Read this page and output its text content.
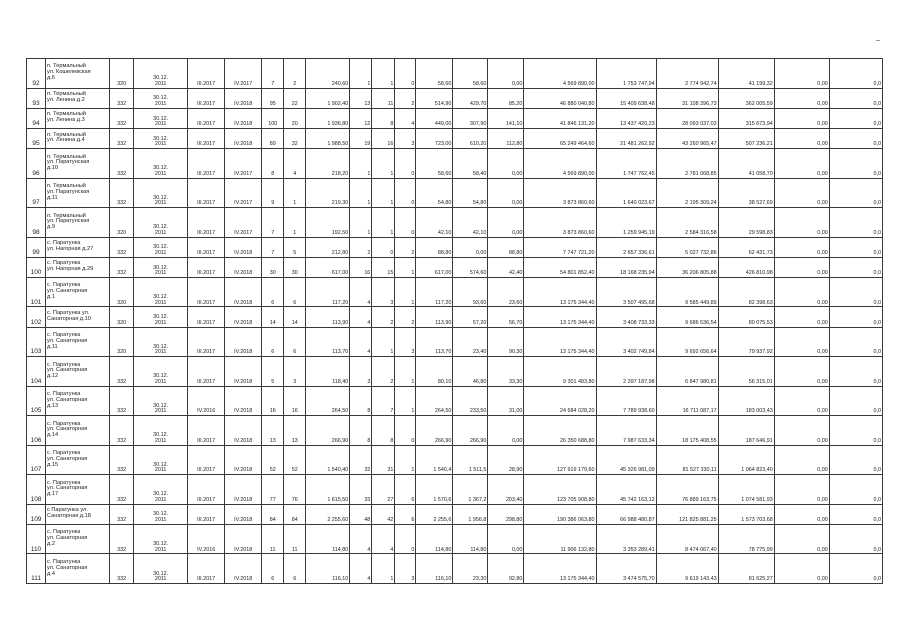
92	п. Термальный
ул. Кошелевская
д.6	320	30.12.
2011	III.2017	IV.2017	7	2	240,60	1	1	0	58,60	58,60	0,00	4 569 890,00	1 753 747,94	2 774 942,74	41 199,32	0,00	0,0
93	п. Термальный
ул. Ленина д.2	332	30.12.
2011	III.2017	IV.2018	95	22	1 902,40	13	11	2	514,90	429,70	85,20	46 880 040,80	15 409 638,48	31 108 396,73	362 005,59	0,00	0,0
94	п. Термальный
ул. Ленина д.3	332	30.12.
2011	III.2017	IV.2018	100	20	1 936,80	12	8	4	449,00	307,90	141,10	41 846 131,20	13 437 420,23	28 093 037,03	315 673,94	0,00	0,0
95	п. Термальный
ул. Ленина д.4	332	30.12.
2011	III.2017	IV.2018	89	32	1 988,50	19	16	3	723,00	610,20	112,80	65 249 464,60	21 481 262,92	43 260 965,47	507 236,21	0,00	0,0
96	п. Термальный
ул. Паратунская
д.10	332	30.12.
2011	III.2017	IV.2017	8	4	218,20	1	1	0	58,60	58,40	0,00	4 569 890,00	1 747 762,45	2 781 068,85	41 058,70	0,00	0,0
97	п. Термальный
ул. Паратунская
д.11	332	30.12.
2011	III.2017	IV.2017	9	1	219,30	1	1	0	54,80	54,80	0,00	3 873 860,60	1 640 023,67	2 195 309,24	38 527,69	0,00	0,0
98	п. Термальный
ул. Паратунская
д.9	320	30.12.
2011	III.2017	IV.2017	7	1	192,50	1	1	0	42,10	42,10	0,00	3 873 860,60	1 259 945,19	2 584 316,58	29 598,83	0,00	0,0
99	с. Паратунка
ул. Нагорная д.27	332	30.12.
2011	III.2017	IV.2018	7	5	212,80	2	0	2	88,80	0,00	88,80	7 747 721,20	2 657 336,61	5 027 732,86	62 431,73	0,00	0,0
100	с. Паратунка
ул. Нагорная д.29	332	30.12.
2011	III.2017	IV.2018	30	30	617,00	16	15	1	617,00	574,60	42,40	54 801 852,40	18 168 235,94	36 206 805,88	426 810,98	0,00	0,0
101	с. Паратунка
ул. Санаторная
д.1	320	30.12.
2011	III.2017	IV.2018	6	6	117,20	4	3	1	117,20	93,60	23,60	13 175 344,40	3 507 495,68	9 585 449,89	82 398,63	0,00	0,0
102	с. Паратунка ул.
Санаторная д.10	320	30.12.
2011	III.2017	IV.2018	14	14	113,90	4	2	2	113,90	57,20	56,70	13 175 344,40	3 408 733,33	9 686 536,54	80 075,53	0,00	0,0
103	с. Паратунка
ул. Санаторная
д.11	320	30.12.
2011	III.2017	IV.2018	6	6	113,70	4	1	3	113,70	23,40	90,30	13 175 344,40	3 402 749,84	9 692 656,64	79 937,92	0,00	0,0
104	с. Паратунка
ул. Санаторная
д.12	332	30.12.
2011	III.2017	IV.2018	5	3	118,40	3	2	1	80,10	46,80	33,30	9 301 483,80	2 397 187,98	6 847 980,81	56 315,01	0,00	0,0
105	с. Паратунка
ул. Санаторная
д.13	332	30.12.
2011	IV.2016	IV.2018	16	16	264,50	8	7	1	264,50	233,50	31,00	24 684 028,20	7 789 938,60	16 711 087,17	183 003,43	0,00	0,0
106	с. Паратунка
ул. Санаторная
д.14	332	30.12.
2011	III.2017	IV.2018	13	13	266,90	8	8	0	266,90	266,90	0,00	26 350 688,80	7 987 633,34	18 175 408,55	187 646,91	0,00	0,0
107	с. Паратунка
ул. Санаторная
д.15	332	30.12.
2011	III.2017	IV.2018	52	52	1 540,40	32	31	1	1 540,4	1 511,5	28,90	127 919 179,60	45 326 981,09	81 527 330,11	1 064 823,40	0,00	0,0
108	с. Паратунка
ул. Санаторная
д.17	332	30.12.
2011	III.2017	IV.2018	77	76	1 615,50	33	27	6	1 570,6	1 367,2	203,40	123 705 908,80	45 742 163,12	76 889 163,75	1 074 581,93	0,00	0,0
109	с Паратунка ул.
Санаторная д.18	332	30.12.
2011	III.2017	IV.2018	84	84	2 255,60	48	42	6	2 255,6	1 956,8	298,80	190 386 063,80	66 988 480,87	121 825 881,25	1 573 703,68	0,00	0,0
110	с. Паратунка
ул. Санаторная
д.2	332	30.12.
2011	IV.2016	IV.2018	11	11	114,80	4	4	0	114,80	114,80	0,00	11 906 132,80	3 353 289,41	8 474 067,40	78 775,99	0,00	0,0
111	с. Паратунка
ул. Санаторная
д.4	332	30.12.
2011	III.2017	IV.2018	6	6	116,10	4	1	3	116,10	23,30	92,80	13 175 344,40	3 474 575,70	9 619 143,43	81 625,27	0,00	0,0
